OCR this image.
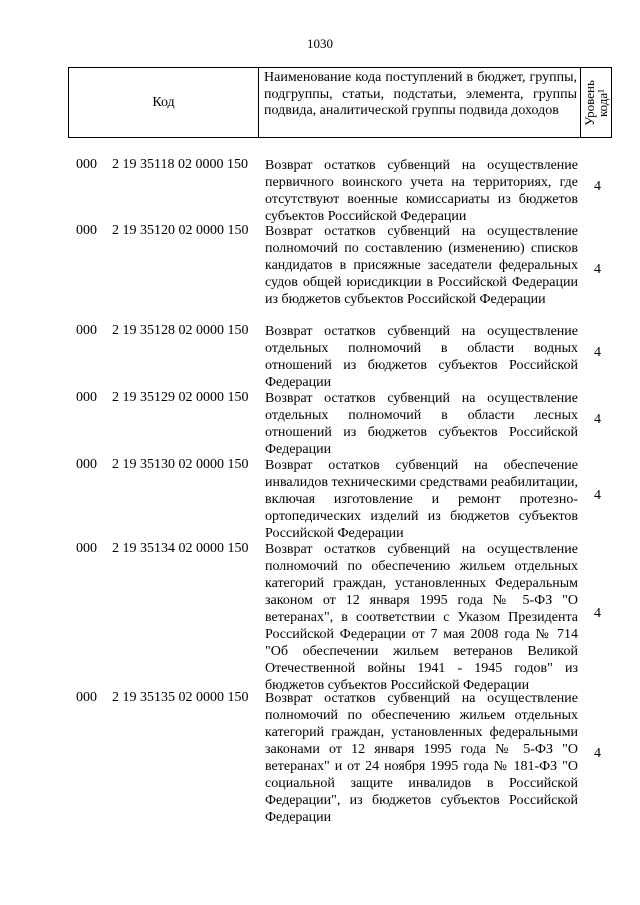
1030
Код
Наименование кода поступлений в бюджет, группы, подгруппы, статьи, подстатьи, элемента, группы подвида, аналитической группы подвида доходов	Уровень кода¹
000 2 19 35118 02 0000 150 Возврат остатков субвенций на осуществление первичного воинского учета на территориях, где отсутствуют военные комиссариаты из бюджетов субъектов Российской Федерации
4
000 2 19 35120 02 0000 150 Возврат остатков субвенций на осуществление полномочий по составлению (изменению) списков кандидатов в присяжные заседатели федеральных судов общей юрисдикции в Российской Федерации из бюджетов субъектов Российской Федерации
4
000 2 19 35128 02 0000 150 Возврат остатков субвенций на осуществление отдельных полномочий в области водных отношений из бюджетов субъектов Российской Федерации
4
000 2 19 35129 02 0000 150 Возврат остатков субвенций на осуществление отдельных полномочий в области лесных отношений из бюджетов субъектов Российской Федерации
4
000 2 19 35130 02 0000 150 Возврат остатков субвенций на обеспечение инвалидов техническими средствами реабилитации, включая изготовление и ремонт протезно-ортопедических изделий из бюджетов субъектов Российской Федерации
4
000 2 19 35134 02 0000 150 Возврат остатков субвенций на осуществление полномочий по обеспечению жильем отдельных категорий граждан, установленных Федеральным законом от 12 января 1995 года № 5-ФЗ "О ветеранах", в соответствии с Указом Президента Российской Федерации от 7 мая 2008 года № 714 "Об обеспечении жильем ветеранов Великой Отечественной войны 1941 - 1945 годов" из бюджетов субъектов Российской Федерации
4
000 2 19 35135 02 0000 150 Возврат остатков субвенций на осуществление полномочий по обеспечению жильем отдельных категорий граждан, установленных федеральными законами от 12 января 1995 года № 5-ФЗ "О ветеранах" и от 24 ноября 1995 года № 181-ФЗ "О социальной защите инвалидов в Российской Федерации", из бюджетов субъектов Российской Федерации
4
